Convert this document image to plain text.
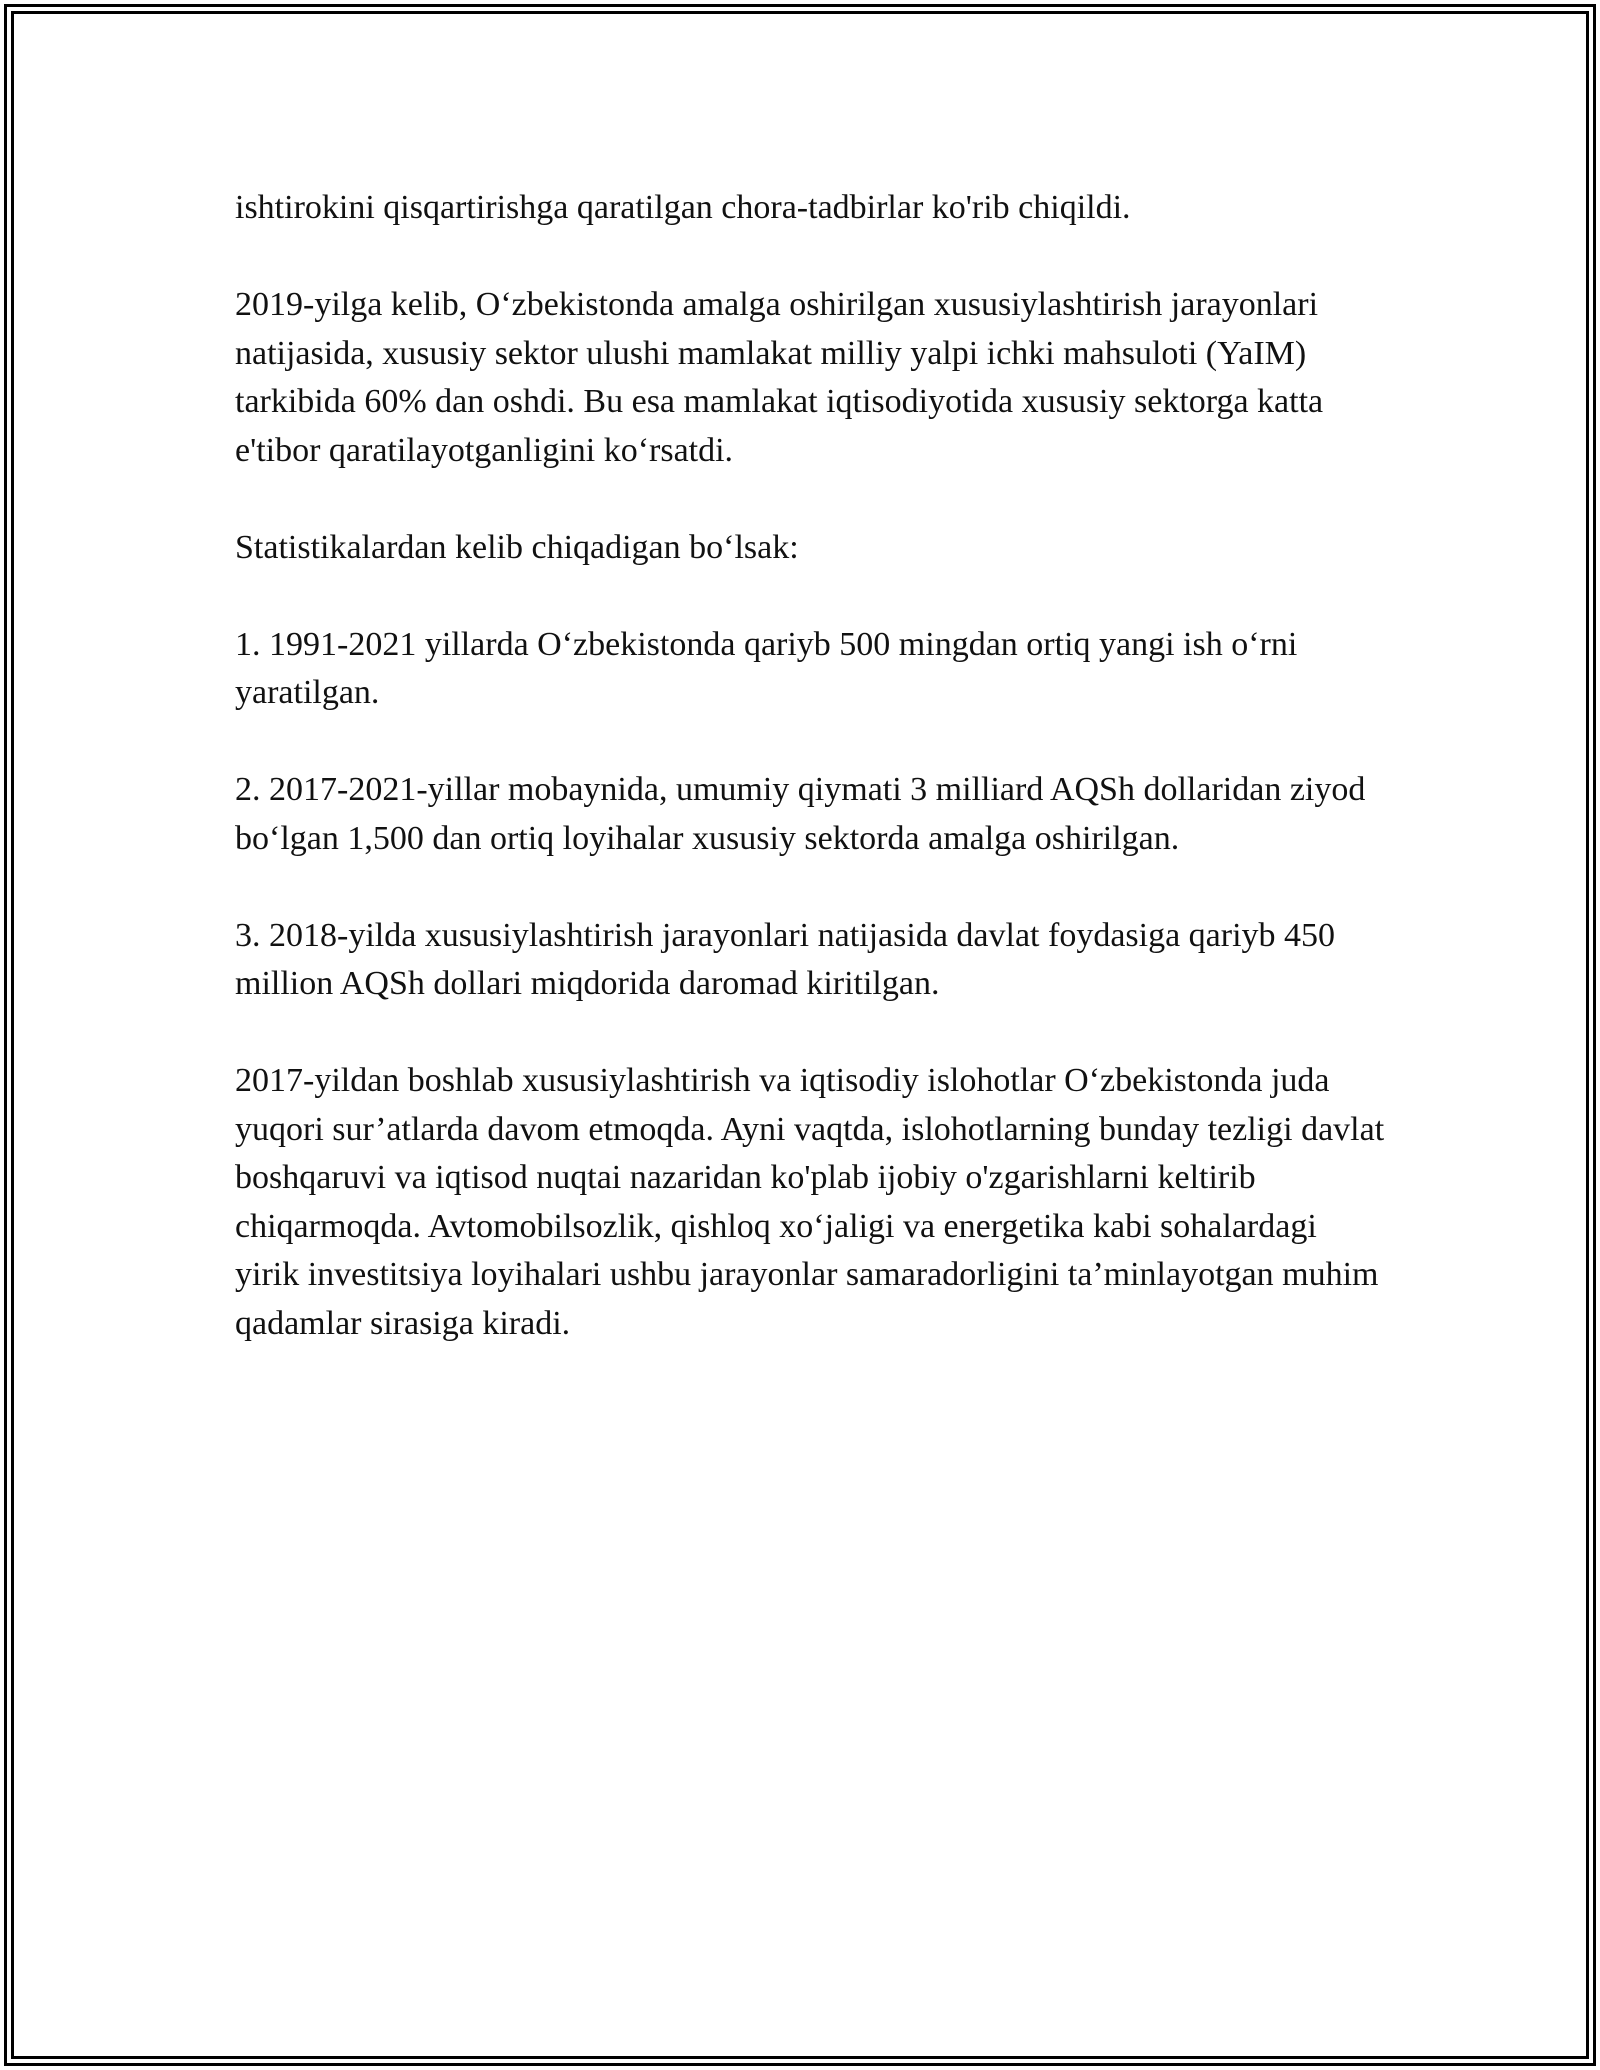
ishtirokini qisqartirishga qaratilgan chora-tadbirlar ko'rib chiqildi.

2019-yilga kelib, O‘zbekistonda amalga oshirilgan xususiylashtirish jarayonlari natijasida, xususiy sektor ulushi mamlakat milliy yalpi ichki mahsuloti (YaIM) tarkibida 60% dan oshdi. Bu esa mamlakat iqtisodiyotida xususiy sektorga katta e'tibor qaratilayotganligini ko‘rsatdi.

Statistikalardan kelib chiqadigan bo‘lsak:

1. 1991-2021 yillarda O‘zbekistonda qariyb 500 mingdan ortiq yangi ish o‘rni yaratilgan.

2. 2017-2021-yillar mobaynida, umumiy qiymati 3 milliard AQSh dollaridan ziyod bo‘lgan 1,500 dan ortiq loyihalar xususiy sektorda amalga oshirilgan.

3. 2018-yilda xususiylashtirish jarayonlari natijasida davlat foydasiga qariyb 450 million AQSh dollari miqdorida daromad kiritilgan.

2017-yildan boshlab xususiylashtirish va iqtisodiy islohotlar O‘zbekistonda juda yuqori sur’atlarda davom etmoqda. Ayni vaqtda, islohotlarning bunday tezligi davlat boshqaruvi va iqtisod nuqtai nazaridan ko'plab ijobiy o'zgarishlarni keltirib chiqarmoqda. Avtomobilsozlik, qishloq xo‘jaligi va energetika kabi sohalardagi yirik investitsiya loyihalari ushbu jarayonlar samaradorligini ta’minlayotgan muhim qadamlar sirasiga kiradi.
